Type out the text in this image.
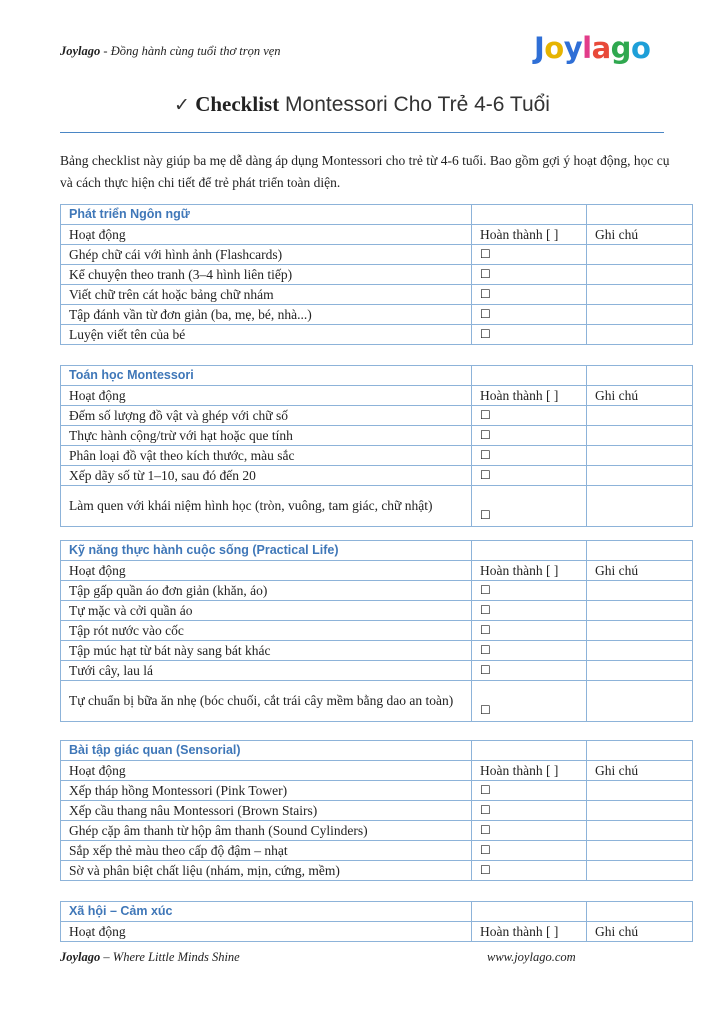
Joylago - Đồng hành cùng tuổi thơ trọn vẹn	Joylago
✓ Checklist Montessori Cho Trẻ 4-6 Tuổi
Bảng checklist này giúp ba mẹ dễ dàng áp dụng Montessori cho trẻ từ 4-6 tuổi. Bao gồm gợi ý hoạt động, học cụ và cách thực hiện chi tiết để trẻ phát triển toàn diện.
Phát triển Ngôn ngữ		
Hoạt động	Hoàn thành [ ]	Ghi chú
Ghép chữ cái với hình ảnh (Flashcards)	☐	
Kể chuyện theo tranh (3–4 hình liên tiếp)	☐	
Viết chữ trên cát hoặc bảng chữ nhám	☐	
Tập đánh vần từ đơn giản (ba, mẹ, bé, nhà...)	☐	
Luyện viết tên của bé	☐	
Toán học Montessori		
Hoạt động	Hoàn thành [ ]	Ghi chú
Đếm số lượng đồ vật và ghép với chữ số	☐	
Thực hành cộng/trừ với hạt hoặc que tính	☐	
Phân loại đồ vật theo kích thước, màu sắc	☐	
Xếp dãy số từ 1–10, sau đó đến 20	☐	
Làm quen với khái niệm hình học (tròn, vuông, tam giác, chữ nhật)	☐	
Kỹ năng thực hành cuộc sống (Practical Life)		
Hoạt động	Hoàn thành [ ]	Ghi chú
Tập gấp quần áo đơn giản (khăn, áo)	☐	
Tự mặc và cởi quần áo	☐	
Tập rót nước vào cốc	☐	
Tập múc hạt từ bát này sang bát khác	☐	
Tưới cây, lau lá	☐	
Tự chuẩn bị bữa ăn nhẹ (bóc chuối, cắt trái cây mềm bằng dao an toàn)	☐	
Bài tập giác quan (Sensorial)		
Hoạt động	Hoàn thành [ ]	Ghi chú
Xếp tháp hồng Montessori (Pink Tower)	☐	
Xếp cầu thang nâu Montessori (Brown Stairs)	☐	
Ghép cặp âm thanh từ hộp âm thanh (Sound Cylinders)	☐	
Sắp xếp thẻ màu theo cấp độ đậm – nhạt	☐	
Sờ và phân biệt chất liệu (nhám, mịn, cứng, mềm)	☐	
Xã hội – Cảm xúc		
Hoạt động	Hoàn thành [ ]	Ghi chú
Joylago – Where Little Minds Shine	www.joylago.com
